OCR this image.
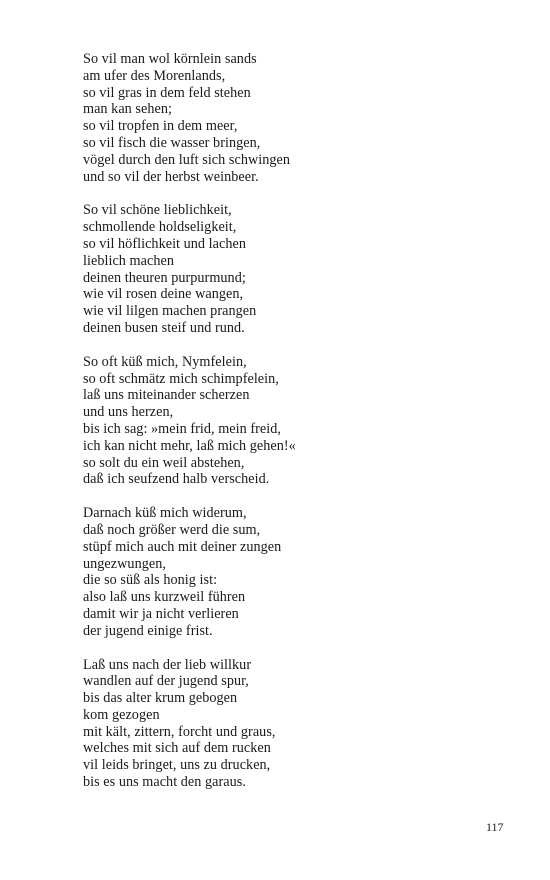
So vil man wol körnlein sands
am ufer des Morenlands,
so vil gras in dem feld stehen
man kan sehen;
so vil tropfen in dem meer,
so vil fisch die wasser bringen,
vögel durch den luft sich schwingen
und so vil der herbst weinbeer.
So vil schöne lieblichkeit,
schmollende holdseligkeit,
so vil höflichkeit und lachen
lieblich machen
deinen theuren purpurmund;
wie vil rosen deine wangen,
wie vil lilgen machen prangen
deinen busen steif und rund.
So oft küß mich, Nymfelein,
so oft schmätz mich schimpfelein,
laß uns miteinander scherzen
und uns herzen,
bis ich sag: »mein frid, mein freid,
ich kan nicht mehr, laß mich gehen!«
so solt du ein weil abstehen,
daß ich seufzend halb verscheid.
Darnach küß mich widerum,
daß noch größer werd die sum,
stüpf mich auch mit deiner zungen
ungezwungen,
die so süß als honig ist:
also laß uns kurzweil führen
damit wir ja nicht verlieren
der jugend einige frist.
Laß uns nach der lieb willkur
wandlen auf der jugend spur,
bis das alter krum gebogen
kom gezogen
mit kält, zittern, forcht und graus,
welches mit sich auf dem rucken
vil leids bringet, uns zu drucken,
bis es uns macht den garaus.
117
